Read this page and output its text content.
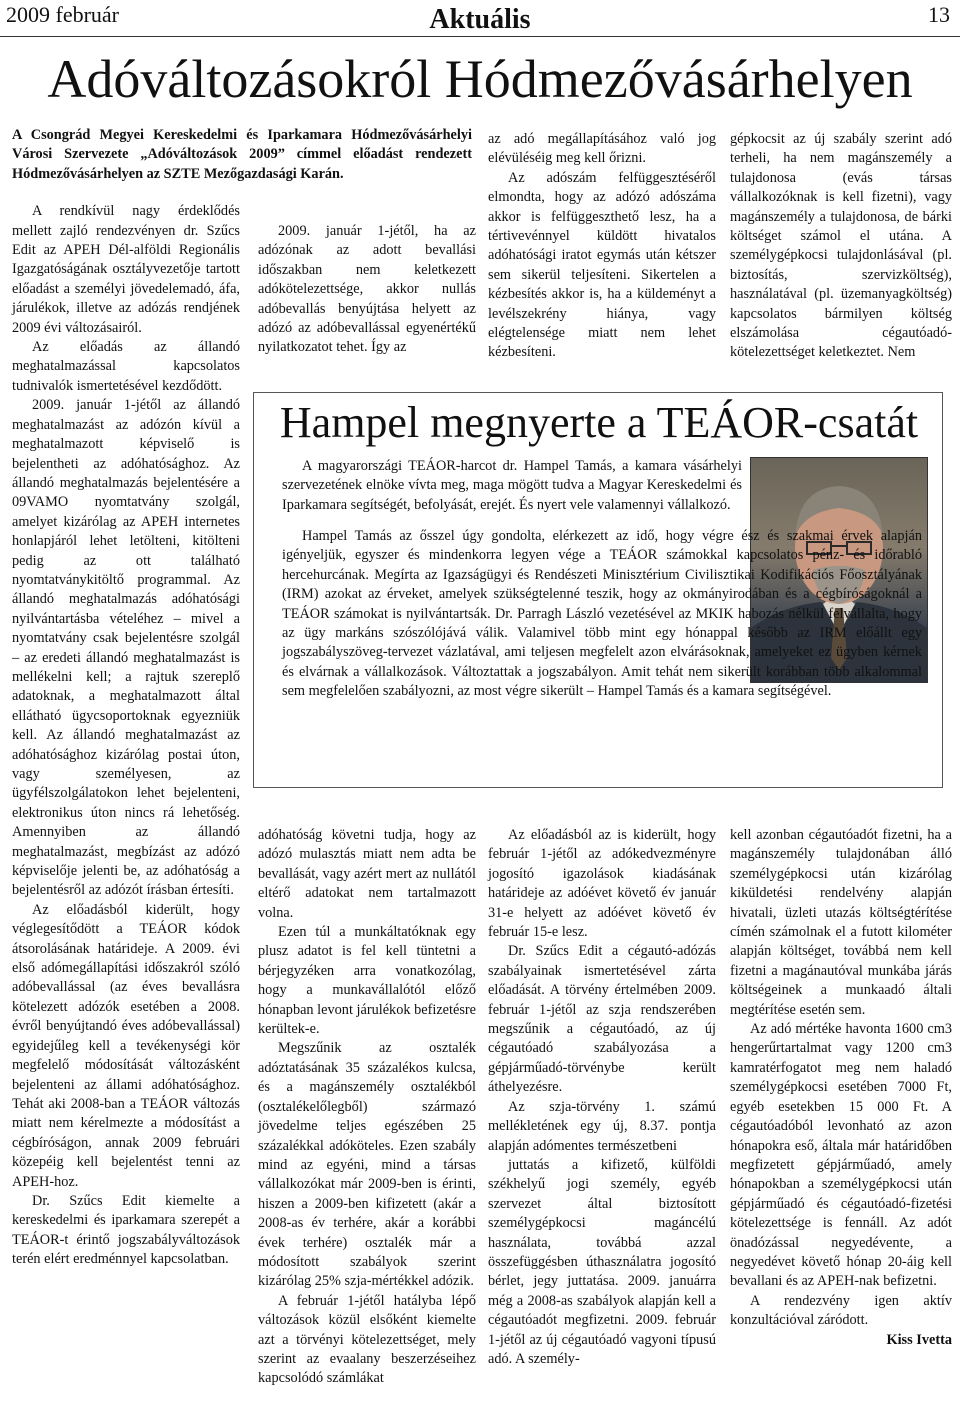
2009 február	Aktuális	13
Adóváltozásokról Hódmezővásárhelyen

A Csongrád Megyei Kereskedelmi és Iparkamara Hódmezővásárhelyi Városi Szervezete „Adóváltozások 2009” címmel előadást rendezett Hódmezővásárhelyen az SZTE Mezőgazdasági Karán.

A rendkívül nagy érdeklődés mellett zajló rendezvényen dr. Szűcs Edit az APEH Dél-alföldi Regionális Igazgatóságának osztályvezetője tartott előadást a személyi jövedelemadó, áfa, járulékok, illetve az adózás rendjének 2009 évi változásairól.

Az előadás az állandó meghatalmazással kapcsolatos tudnivalók ismertetésével kezdődött.

2009. január 1-jétől az állandó meghatalmazást az adózón kívül a meghatalmazott képviselő is bejelentheti az adóhatósághoz. Az állandó meghatalmazás bejelentésére a 09VAMO nyomtatvány szolgál, amelyet kizárólag az APEH internetes honlapjáról lehet letölteni, kitölteni pedig az ott található nyomtatványkitöltő programmal. Az állandó meghatalmazás adóhatósági nyilvántartásba vételéhez – mivel a nyomtatvány csak bejelentésre szolgál – az eredeti állandó meghatalmazást is mellékelni kell; a rajtuk szereplő adatoknak, a meghatalmazott által ellátható ügycsoportoknak egyezniük kell. Az állandó meghatalmazást az adóhatósághoz kizárólag postai úton, vagy személyesen, az ügyfélszolgálatokon lehet bejelenteni, elektronikus úton nincs rá lehetőség. Amennyiben az állandó meghatalmazást, megbízást az adózó képviselője jelenti be, az adóhatóság a bejelentésről az adózót írásban értesíti.

Az előadásból kiderült, hogy véglegesítődött a TEÁOR kódok átsorolásának határideje. A 2009. évi első adómegállapítási időszakról szóló adóbevallással (az éves bevallásra kötelezett adózók esetében a 2008. évről benyújtandó éves adóbevallással) egyidejűleg kell a tevékenységi kör megfelelő módosítását változásként bejelenteni az állami adóhatósághoz. Tehát aki 2008-ban a TEÁOR változás miatt nem kérelmezte a módosítást a cégbíróságon, annak 2009 februári közepéig kell bejelentést tenni az APEH-hoz.

Dr. Szűcs Edit kiemelte a kereskedelmi és iparkamara szerepét a TEÁOR-t érintő jogszabályváltozások terén elért eredménnyel kapcsolatban.

2009. január 1-jétől, ha az adózónak az adott bevallási időszakban nem keletkezett adókötelezettsége, akkor nullás adóbevallás benyújtása helyett az adózó az adóbevallással egyenértékű nyilatkozatot tehet. Így az

az adó megállapításához való jog elévüléséig meg kell őrizni.

Az adószám felfüggesztéséről elmondta, hogy az adózó adószáma akkor is felfüggeszthető lesz, ha a tértivevénnyel küldött hivatalos adóhatósági iratot egymás után kétszer sem sikerül teljesíteni. Sikertelen a kézbesítés akkor is, ha a küldeményt a levélszekrény hiánya, vagy elégtelensége miatt nem lehet kézbesíteni.

gépkocsit az új szabály szerint adó terheli, ha nem magánszemély a tulajdonosa (evás társas vállalkozóknak is kell fizetni), vagy magánszemély a tulajdonosa, de bárki költséget számol el utána. A személygépkocsi tulajdonlásával (pl. biztosítás, szervizköltség), használatával (pl. üzemanyagköltség) kapcsolatos bármilyen költség elszámolása cégautóadó-kötelezettséget keletkeztet. Nem

Hampel megnyerte a TEÁOR-csatát

A magyarországi TEÁOR-harcot dr. Hampel Tamás, a kamara vásárhelyi szervezetének elnöke vívta meg, maga mögött tudva a Magyar Kereskedelmi és Iparkamara segítségét, befolyását, erejét. És nyert vele valamennyi vállalkozó.

Hampel Tamás az ősszel úgy gondolta, elérkezett az idő, hogy végre ész és szakmai érvek alapján igényeljük, egyszer és mindenkorra legyen vége a TEÁOR számokkal kapcsolatos pénz- és időrabló hercehurcának. Megírta az Igazságügyi és Rendészeti Minisztérium Civilisztikai Kodifikációs Főosztályának (IRM) azokat az érveket, amelyek szükségtelenné teszik, hogy az okmányirodában és a cégbíróságoknál a TEÁOR számokat is nyilvántartsák. Dr. Parragh László vezetésével az MKIK habozás nélkül felvállalta, hogy az ügy markáns szószólójává válik. Valamivel több mint egy hónappal később az IRM előállt egy jogszabályszöveg-tervezet vázlatával, ami teljesen megfelelt azon elvárásoknak, amelyeket ez ügyben kérnek és elvárnak a vállalkozások. Változtattak a jogszabályon. Amit tehát nem sikerült korábban több alkalommal sem megfelelően szabályozni, az most végre sikerült – Hampel Tamás és a kamara segítségével.

adóhatóság követni tudja, hogy az adózó mulasztás miatt nem adta be bevallását, vagy azért mert az nullától eltérő adatokat nem tartalmazott volna.

Ezen túl a munkáltatóknak egy plusz adatot is fel kell tüntetni a bérjegyzéken arra vonatkozólag, hogy a munkavállalótól előző hónapban levont járulékok befizetésre kerültek-e.

Megszűnik az osztalék adóztatásának 35 százalékos kulcsa, és a magánszemély osztalékból (osztalékelőlegből) származó jövedelme teljes egészében 25 százalékkal adóköteles. Ezen szabály mind az egyéni, mind a társas vállalkozókat már 2009-ben is érinti, hiszen a 2009-ben kifizetett (akár a 2008-as év terhére, akár a korábbi évek terhére) osztalék már a módosított szabályok szerint kizárólag 25% szja-mértékkel adózik.

A február 1-jétől hatályba lépő változások közül elsőként kiemelte azt a törvényi kötelezettséget, mely szerint az evaalany beszerzéseihez kapcsolódó számlákat

Az előadásból az is kiderült, hogy február 1-jétől az adókedvezményre jogosító igazolások kiadásának határideje az adóévet követő év január 31-e helyett az adóévet követő év február 15-e lesz.

Dr. Szűcs Edit a cégautó-adózás szabályainak ismertetésével zárta előadását. A törvény értelmében 2009. február 1-jétől az szja rendszerében megszűnik a cégautóadó, az új cégautóadó szabályozása a gépjárműadó-törvénybe került áthelyezésre.

Az szja-törvény 1. számú mellékletének egy új, 8.37. pontja alapján adómentes természetbeni

juttatás a kifizető, külföldi székhelyű jogi személy, egyéb szervezet által biztosított személygépkocsi magáncélú használata, továbbá azzal összefüggésben úthasználatra jogosító bérlet, jegy juttatása. 2009. januárra még a 2008-as szabályok alapján kell a cégautóadót megfizetni. 2009. február 1-jétől az új cégautóadó vagyoni típusú adó. A személy-

kell azonban cégautóadót fizetni, ha a magánszemély tulajdonában álló személygépkocsi után kizárólag kiküldetési rendelvény alapján hivatali, üzleti utazás költségtérítése címén számolnak el a futott kilométer alapján költséget, továbbá nem kell fizetni a magánautóval munkába járás költségeinek a munkaadó általi megtérítése esetén sem.

Az adó mértéke havonta 1600 cm3 hengerűrtartalmat vagy 1200 cm3 kamratérfogatot meg nem haladó személygépkocsi esetében 7000 Ft, egyéb esetekben 15 000 Ft. A cégautóadóból levonható az azon hónapokra eső, általa már határidőben megfizetett gépjárműadó, amely hónapokban a személygépkocsi után gépjárműadó és cégautóadó-fizetési kötelezettsége is fennáll. Az adót önadózással negyedévente, a negyedévet követő hónap 20-áig kell bevallani és az APEH-nak befizetni.

A rendezvény igen aktív konzultációval záródott.

Kiss Ivetta
